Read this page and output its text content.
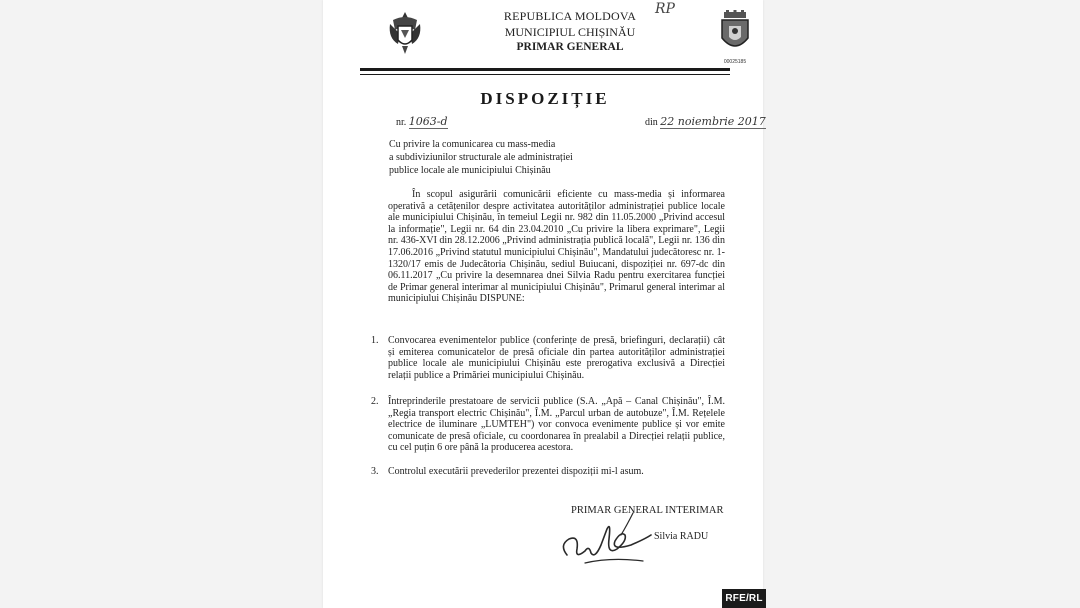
00025185
REPUBLICA MOLDOVA
MUNICIPIUL CHIȘINĂU
PRIMAR GENERAL
RP
DISPOZIȚIE
nr. 1063-d	din 22 noiembrie 2017
Cu privire la comunicarea cu mass-media
a subdiviziunilor structurale ale administrației
publice locale ale municipiului Chișinău
În scopul asigurării comunicării eficiente cu mass-media și informarea operativă a cetățenilor despre activitatea autorităților administrației publice locale ale municipiului Chișinău, în temeiul Legii nr. 982 din 11.05.2000 „Privind accesul la informație", Legii nr. 64 din 23.04.2010 „Cu privire la libera exprimare", Legii nr. 436-XVI din 28.12.2006 „Privind administrația publică locală", Legii nr. 136 din 17.06.2016 „Privind statutul municipiului Chișinău", Mandatului judecătoresc nr. 1-1320/17 emis de Judecătoria Chișinău, sediul Buiucani, dispoziției nr. 697-dc din 06.11.2017 „Cu privire la desemnarea dnei Silvia Radu pentru exercitarea funcției de Primar general interimar al municipiului Chișinău", Primarul general interimar al municipiului Chișinău DISPUNE:
1. Convocarea evenimentelor publice (conferințe de presă, briefinguri, declarații) cât și emiterea comunicatelor de presă oficiale din partea autorităților administrației publice locale ale municipiului Chișinău este prerogativa exclusivă a Direcției relații publice a Primăriei municipiului Chișinău.
2. Întreprinderile prestatoare de servicii publice (S.A. „Apă – Canal Chișinău", Î.M. „Regia transport electric Chișinău", Î.M. „Parcul urban de autobuze", Î.M. Rețelele electrice de iluminare „LUMTEH") vor convoca evenimente publice și vor emite comunicate de presă oficiale, cu coordonarea în prealabil a Direcției relații publice, cu cel puțin 6 ore până la producerea acestora.
3. Controlul executării prevederilor prezentei dispoziții mi-l asum.
PRIMAR GENERAL INTERIMAR
Silvia RADU
RFE/RL
